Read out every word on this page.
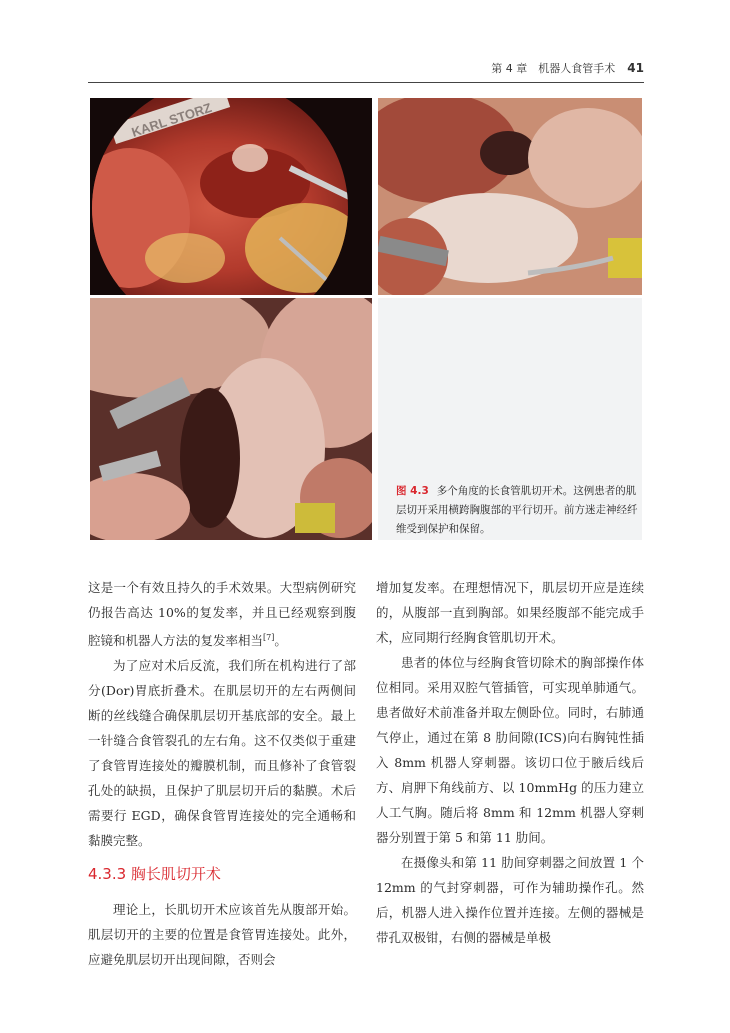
第 4 章　机器人食管手术 41
KARL STORZ
图 4.3 多个角度的长食管肌切开术。这例患者的肌层切开采用横跨胸腹部的平行切开。前方迷走神经纤维受到保护和保留。

这是一个有效且持久的手术效果。大型病例研究仍报告高达 10%的复发率，并且已经观察到腹腔镜和机器人方法的复发率相当[7]。

为了应对术后反流，我们所在机构进行了部分(Dor)胃底折叠术。在肌层切开的左右两侧间断的丝线缝合确保肌层切开基底部的安全。最上一针缝合食管裂孔的左右角。这不仅类似于重建了食管胃连接处的瓣膜机制，而且修补了食管裂孔处的缺损，且保护了肌层切开后的黏膜。术后需要行 EGD，确保食管胃连接处的完全通畅和黏膜完整。

4.3.3 胸长肌切开术

理论上，长肌切开术应该首先从腹部开始。肌层切开的主要的位置是食管胃连接处。此外，应避免肌层切开出现间隙，否则会

增加复发率。在理想情况下，肌层切开应是连续的，从腹部一直到胸部。如果经腹部不能完成手术，应同期行经胸食管肌切开术。

患者的体位与经胸食管切除术的胸部操作体位相同。采用双腔气管插管，可实现单肺通气。患者做好术前准备并取左侧卧位。同时，右肺通气停止，通过在第 8 肋间隙(ICS)向右胸钝性插入 8mm 机器人穿刺器。该切口位于腋后线后方、肩胛下角线前方、以 10mmHg 的压力建立人工气胸。随后将 8mm 和 12mm 机器人穿刺器分别置于第 5 和第 11 肋间。

在摄像头和第 11 肋间穿刺器之间放置 1 个 12mm 的气封穿刺器，可作为辅助操作孔。然后，机器人进入操作位置并连接。左侧的器械是带孔双极钳，右侧的器械是单极
